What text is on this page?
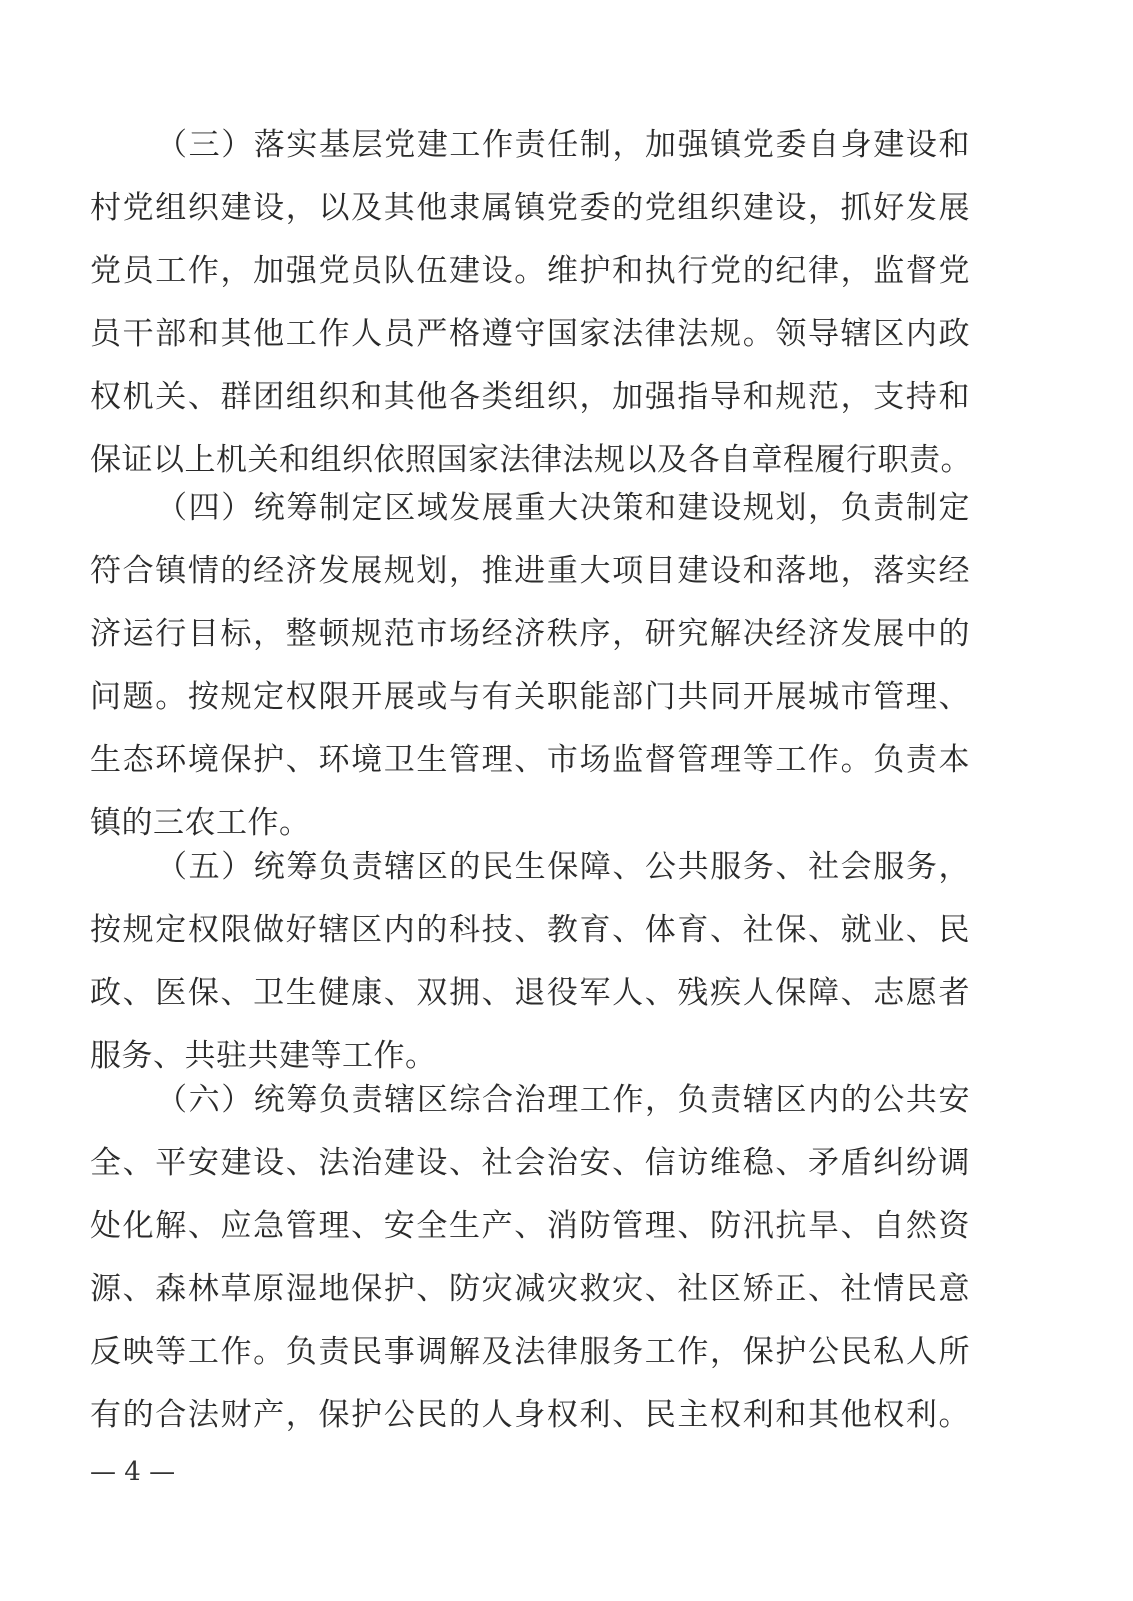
（三）落实基层党建工作责任制，加强镇党委自身建设和
村党组织建设，以及其他隶属镇党委的党组织建设，抓好发展
党员工作，加强党员队伍建设。维护和执行党的纪律，监督党
员干部和其他工作人员严格遵守国家法律法规。领导辖区内政
权机关、群团组织和其他各类组织，加强指导和规范，支持和
保证以上机关和组织依照国家法律法规以及各自章程履行职责。
（四）统筹制定区域发展重大决策和建设规划，负责制定
符合镇情的经济发展规划，推进重大项目建设和落地，落实经
济运行目标，整顿规范市场经济秩序，研究解决经济发展中的
问题。按规定权限开展或与有关职能部门共同开展城市管理、
生态环境保护、环境卫生管理、市场监督管理等工作。负责本
镇的三农工作。
（五）统筹负责辖区的民生保障、公共服务、社会服务，
按规定权限做好辖区内的科技、教育、体育、社保、就业、民
政、医保、卫生健康、双拥、退役军人、残疾人保障、志愿者
服务、共驻共建等工作。
（六）统筹负责辖区综合治理工作，负责辖区内的公共安
全、平安建设、法治建设、社会治安、信访维稳、矛盾纠纷调
处化解、应急管理、安全生产、消防管理、防汛抗旱、自然资
源、森林草原湿地保护、防灾减灾救灾、社区矫正、社情民意
反映等工作。负责民事调解及法律服务工作，保护公民私人所
有的合法财产，保护公民的人身权利、民主权利和其他权利。
— 4 —
